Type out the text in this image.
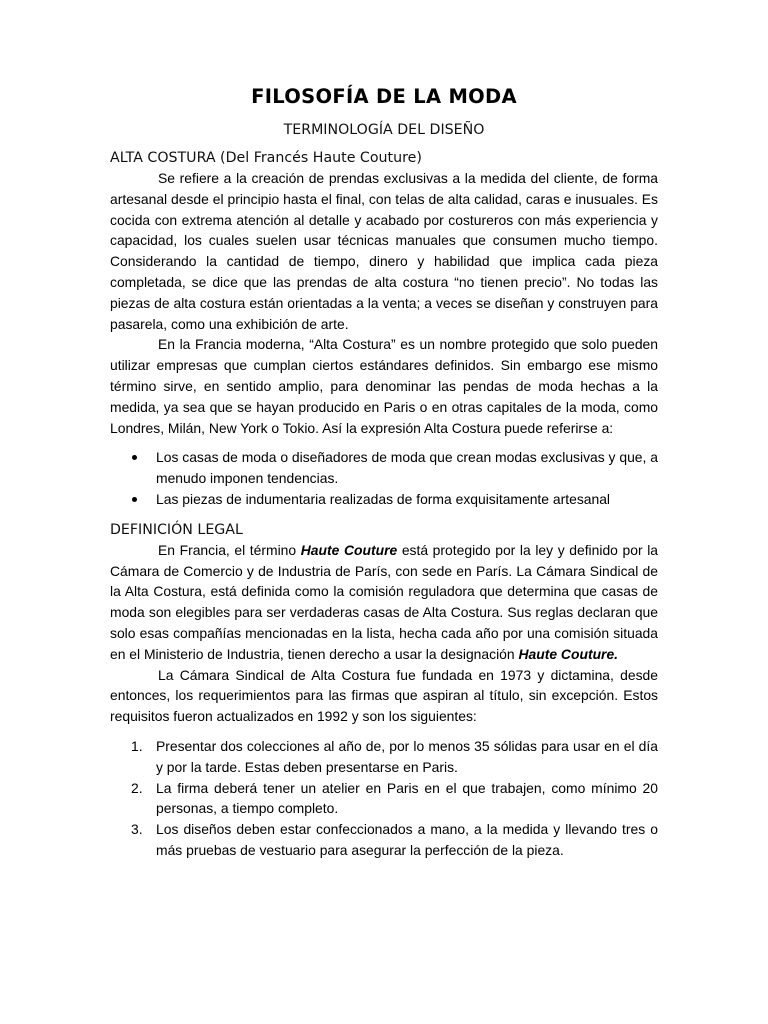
FILOSOFÍA DE LA MODA
TERMINOLOGÍA DEL DISEÑO
ALTA COSTURA (Del Francés Haute Couture)

Se refiere a la creación de prendas exclusivas a la medida del cliente, de forma artesanal desde el principio hasta el final, con telas de alta calidad, caras e inusuales. Es cocida con extrema atención al detalle y acabado por costureros con más experiencia y capacidad, los cuales suelen usar técnicas manuales que consumen mucho tiempo. Considerando la cantidad de tiempo, dinero y habilidad que implica cada pieza completada, se dice que las prendas de alta costura “no tienen precio”. No todas las piezas de alta costura están orientadas a la venta; a veces se diseñan y construyen para pasarela, como una exhibición de arte.

En la Francia moderna, “Alta Costura” es un nombre protegido que solo pueden utilizar empresas que cumplan ciertos estándares definidos. Sin embargo ese mismo término sirve, en sentido amplio, para denominar las pendas de moda hechas a la medida, ya sea que se hayan producido en Paris o en otras capitales de la moda, como Londres, Milán, New York o Tokio. Así la expresión Alta Costura puede referirse a:

Los casas de moda o diseñadores de moda que crean modas exclusivas y que, a menudo imponen tendencias.
Las piezas de indumentaria realizadas de forma exquisitamente artesanal
DEFINICIÓN LEGAL

En Francia, el término Haute Couture está protegido por la ley y definido por la Cámara de Comercio y de Industria de París, con sede en París. La Cámara Sindical de la Alta Costura, está definida como la comisión reguladora que determina que casas de moda son elegibles para ser verdaderas casas de Alta Costura. Sus reglas declaran que solo esas compañías mencionadas en la lista, hecha cada año por una comisión situada en el Ministerio de Industria, tienen derecho a usar la designación Haute Couture.

La Cámara Sindical de Alta Costura fue fundada en 1973 y dictamina, desde entonces, los requerimientos para las firmas que aspiran al título, sin excepción. Estos requisitos fueron actualizados en 1992 y son los siguientes:

1. Presentar dos colecciones al año de, por lo menos 35 sólidas para usar en el día y por la tarde. Estas deben presentarse en Paris.
2. La firma deberá tener un atelier en Paris en el que trabajen, como mínimo 20 personas, a tiempo completo.
3. Los diseños deben estar confeccionados a mano, a la medida y llevando tres o más pruebas de vestuario para asegurar la perfección de la pieza.
